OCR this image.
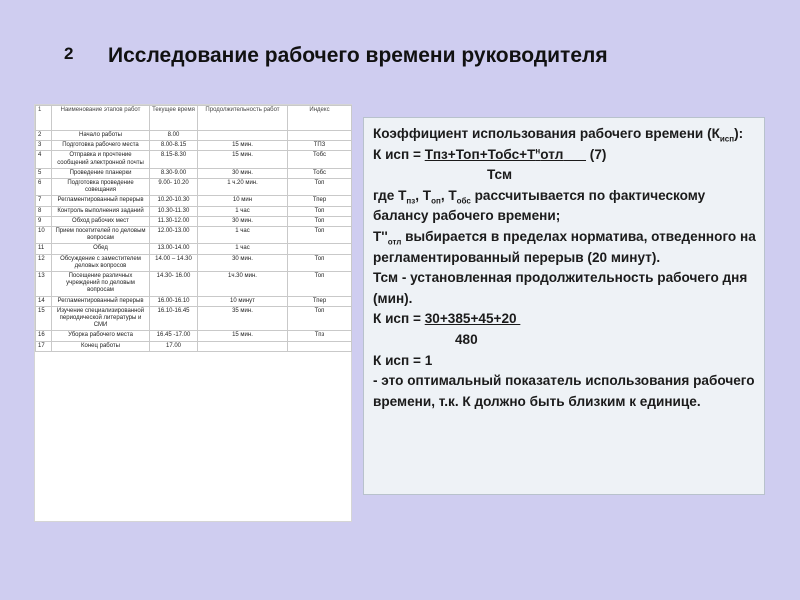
2 Исследование рабочего времени руководителя
1	Наименование этапов работ	Текущее время	Продолжительность работ	Индекс
2	Начало работы	8.00		
3	Подготовка рабочего места	8.00-8.15	15 мин.	ТПЗ
4	Отправка и прочтение сообщений электронной почты	8.15-8.30	15 мин.	Тобс
5	Проведение планерки	8.30-9.00	30 мин.	Тобс
6	Подготовка проведение совещания	9.00- 10.20	1 ч.20 мин.	Топ
7	Регламентированный перерыв	10.20-10.30	10 мин	Тпер
8	Контроль выполнения заданий	10.30-11.30	1 час	Топ
9	Обход рабочих мест	11.30-12.00	30 мин.	Топ
10	Прием посетителей по деловым вопросам	12.00-13.00	1 час	Топ
11	Обед	13.00-14.00	1 час	
12	Обсуждение с заместителем деловых вопросов	14.00 – 14.30	30 мин.	Топ
13	Посещение различных учреждений по деловым вопросам	14.30- 16.00	1ч.30 мин.	Топ
14	Регламентированный перерыв	16.00-16.10	10 минут	Тпер
15	Изучение специализированной периодической литературы и СМИ	16.10-16.45	35 мин.	Топ
16	Уборка рабочего места	16.45 -17.00	15 мин.	Тпз
17	Конец работы	17.00		

Коэффициент использования рабочего времени $(К_{исп})$:

К исп = $Тпз+Топ+Тобс+Т^нотл$ (7)

Тсм

где $Т_{пз}$, $Т_{оп}$, $Т_{обс}$ рассчитывается по фактическому балансу рабочего времени;

$Т''_{отл}$ выбирается в пределах норматива, отведенного на регламентированный перерыв (20 минут).

Тсм - установленная продолжительность рабочего дня (мин).

К исп = 30+385+45+20

480

К исп = 1

- это оптимальный показатель использования рабочего времени, т.к. К должно быть близким к единице.
